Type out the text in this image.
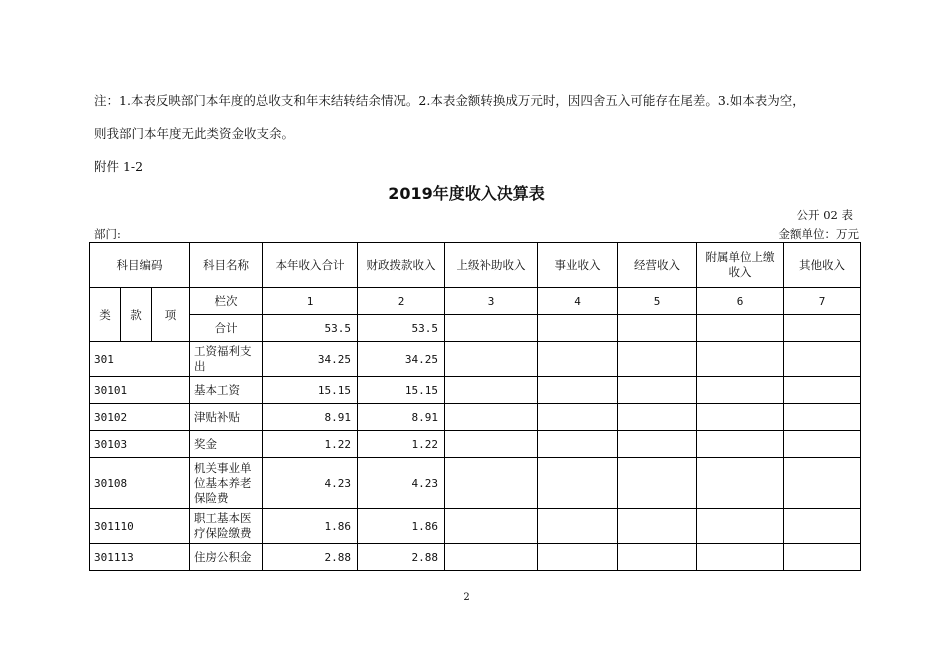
注：1.本表反映部门本年度的总收支和年末结转结余情况。2.本表金额转换成万元时，因四舍五入可能存在尾差。3.如本表为空，
则我部门本年度无此类资金收支余。
附件 1-2
2019年度收入决算表
公开 02 表
部门:	金额单位：万元
科目编码			科目名称	本年收入合计	财政拨款收入	上级补助收入	事业收入	经营收入	附属单位上缴收入	其他收入
类	款	项	栏次	1	2	3	4	5	6	7
			合计	53.5	53.5					
301			工资福利支出	34.25	34.25					
30101			基本工资	15.15	15.15					
30102			津贴补贴	8.91	8.91					
30103			奖金	1.22	1.22					
30108			机关事业单位基本养老保险费	4.23	4.23					
301110			职工基本医疗保险缴费	1.86	1.86					
301113			住房公积金	2.88	2.88					
2
